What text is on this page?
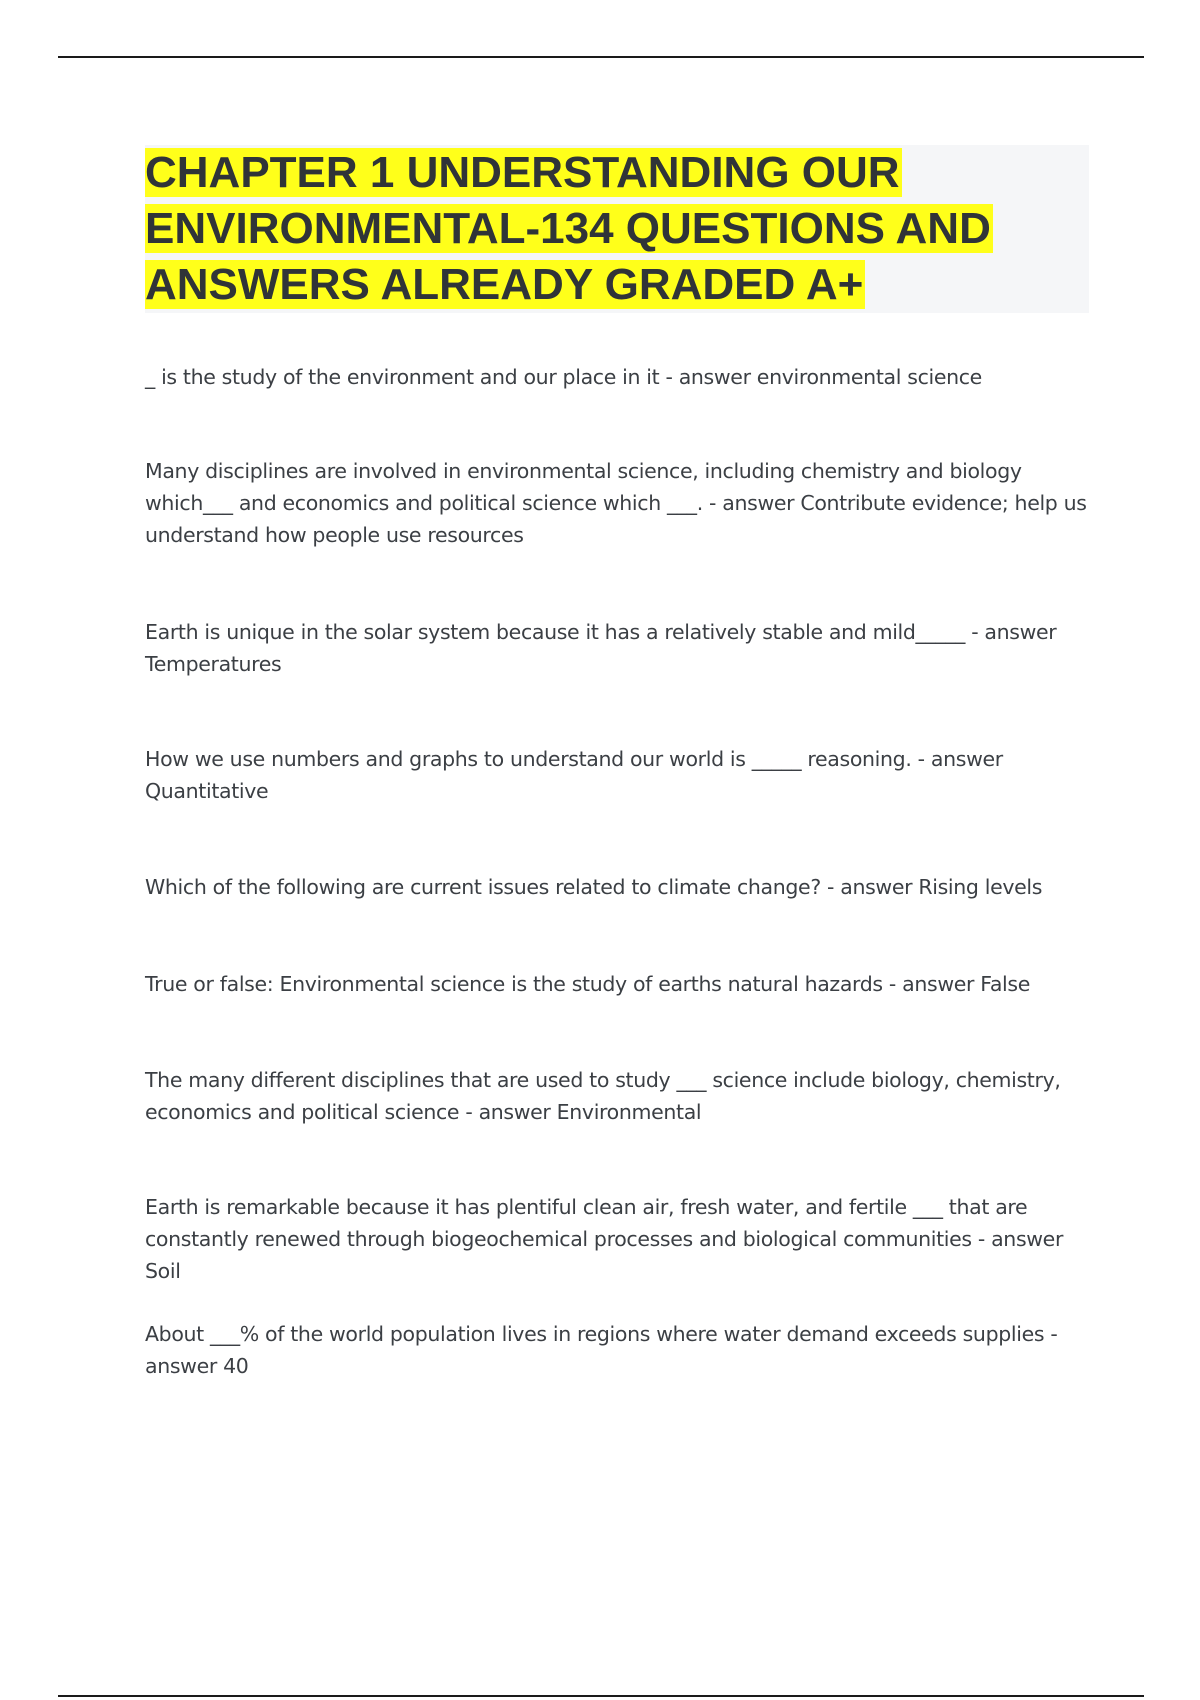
CHAPTER 1 UNDERSTANDING OUR ENVIRONMENTAL-134 QUESTIONS AND ANSWERS ALREADY GRADED A+

_ is the study of the environment and our place in it - answer environmental science

Many disciplines are involved in environmental science, including chemistry and biology which___ and economics and political science which ___. - answer Contribute evidence; help us understand how people use resources

Earth is unique in the solar system because it has a relatively stable and mild_____ - answer Temperatures

How we use numbers and graphs to understand our world is _____ reasoning. - answer Quantitative

Which of the following are current issues related to climate change? - answer Rising levels

True or false: Environmental science is the study of earths natural hazards - answer False

The many different disciplines that are used to study ___ science include biology, chemistry, economics and political science - answer Environmental

Earth is remarkable because it has plentiful clean air, fresh water, and fertile ___ that are constantly renewed through biogeochemical processes and biological communities - answer Soil

About ___% of the world population lives in regions where water demand exceeds supplies - answer 40
